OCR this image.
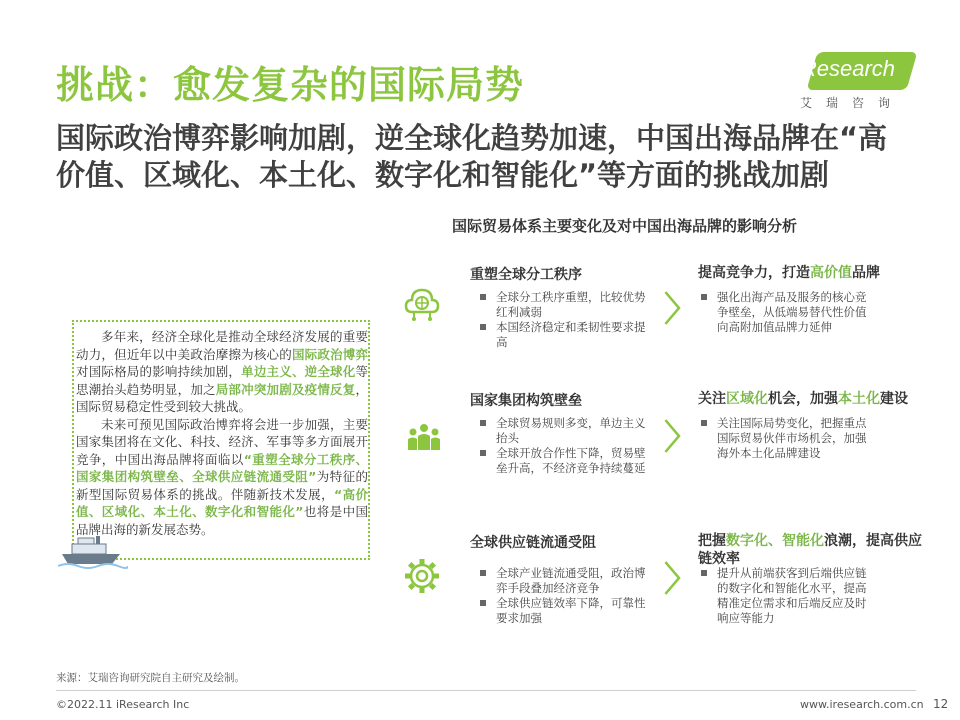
挑战：愈发复杂的国际局势
国际政治博弈影响加剧，逆全球化趋势加速，中国出海品牌在“高价值、区域化、本土化、数字化和智能化”等方面的挑战加剧
iResearch
艾瑞咨询
国际贸易体系主要变化及对中国出海品牌的影响分析
多年来，经济全球化是推动全球经济发展的重要动力，但近年以中美政治摩擦为核心的国际政治博弈对国际格局的影响持续加剧，单边主义、逆全球化等思潮抬头趋势明显，加之局部冲突加剧及疫情反复，国际贸易稳定性受到较大挑战。
未来可预见国际政治博弈将会进一步加强，主要国家集团将在文化、科技、经济、军事等多方面展开竞争，中国出海品牌将面临以“重塑全球分工秩序、国家集团构筑壁垒、全球供应链流通受阻”为特征的新型国际贸易体系的挑战。伴随新技术发展，“高价值、区域化、本土化、数字化和智能化”也将是中国品牌出海的新发展态势。
重塑全球分工秩序
全球分工秩序重塑，比较优势红利减弱
本国经济稳定和柔韧性要求提高
〉
提高竞争力，打造高价值品牌
强化出海产品及服务的核心竞争壁垒，从低端易替代性价值向高附加值品牌力延伸
国家集团构筑壁垒
全球贸易规则多变，单边主义抬头
全球开放合作性下降，贸易壁垒升高，不经济竞争持续蔓延
〉
关注区域化机会，加强本土化建设
关注国际局势变化，把握重点国际贸易伙伴市场机会，加强海外本土化品牌建设
全球供应链流通受阻
全球产业链流通受阻，政治博弈手段叠加经济竞争
全球供应链效率下降，可靠性要求加强
〉
把握数字化、智能化浪潮，提高供应链效率
提升从前端获客到后端供应链的数字化和智能化水平，提高精准定位需求和后端反应及时响应等能力
来源：艾瑞咨询研究院自主研究及绘制。
©2022.11 iResearch Inc	www.iresearch.com.cn 12
